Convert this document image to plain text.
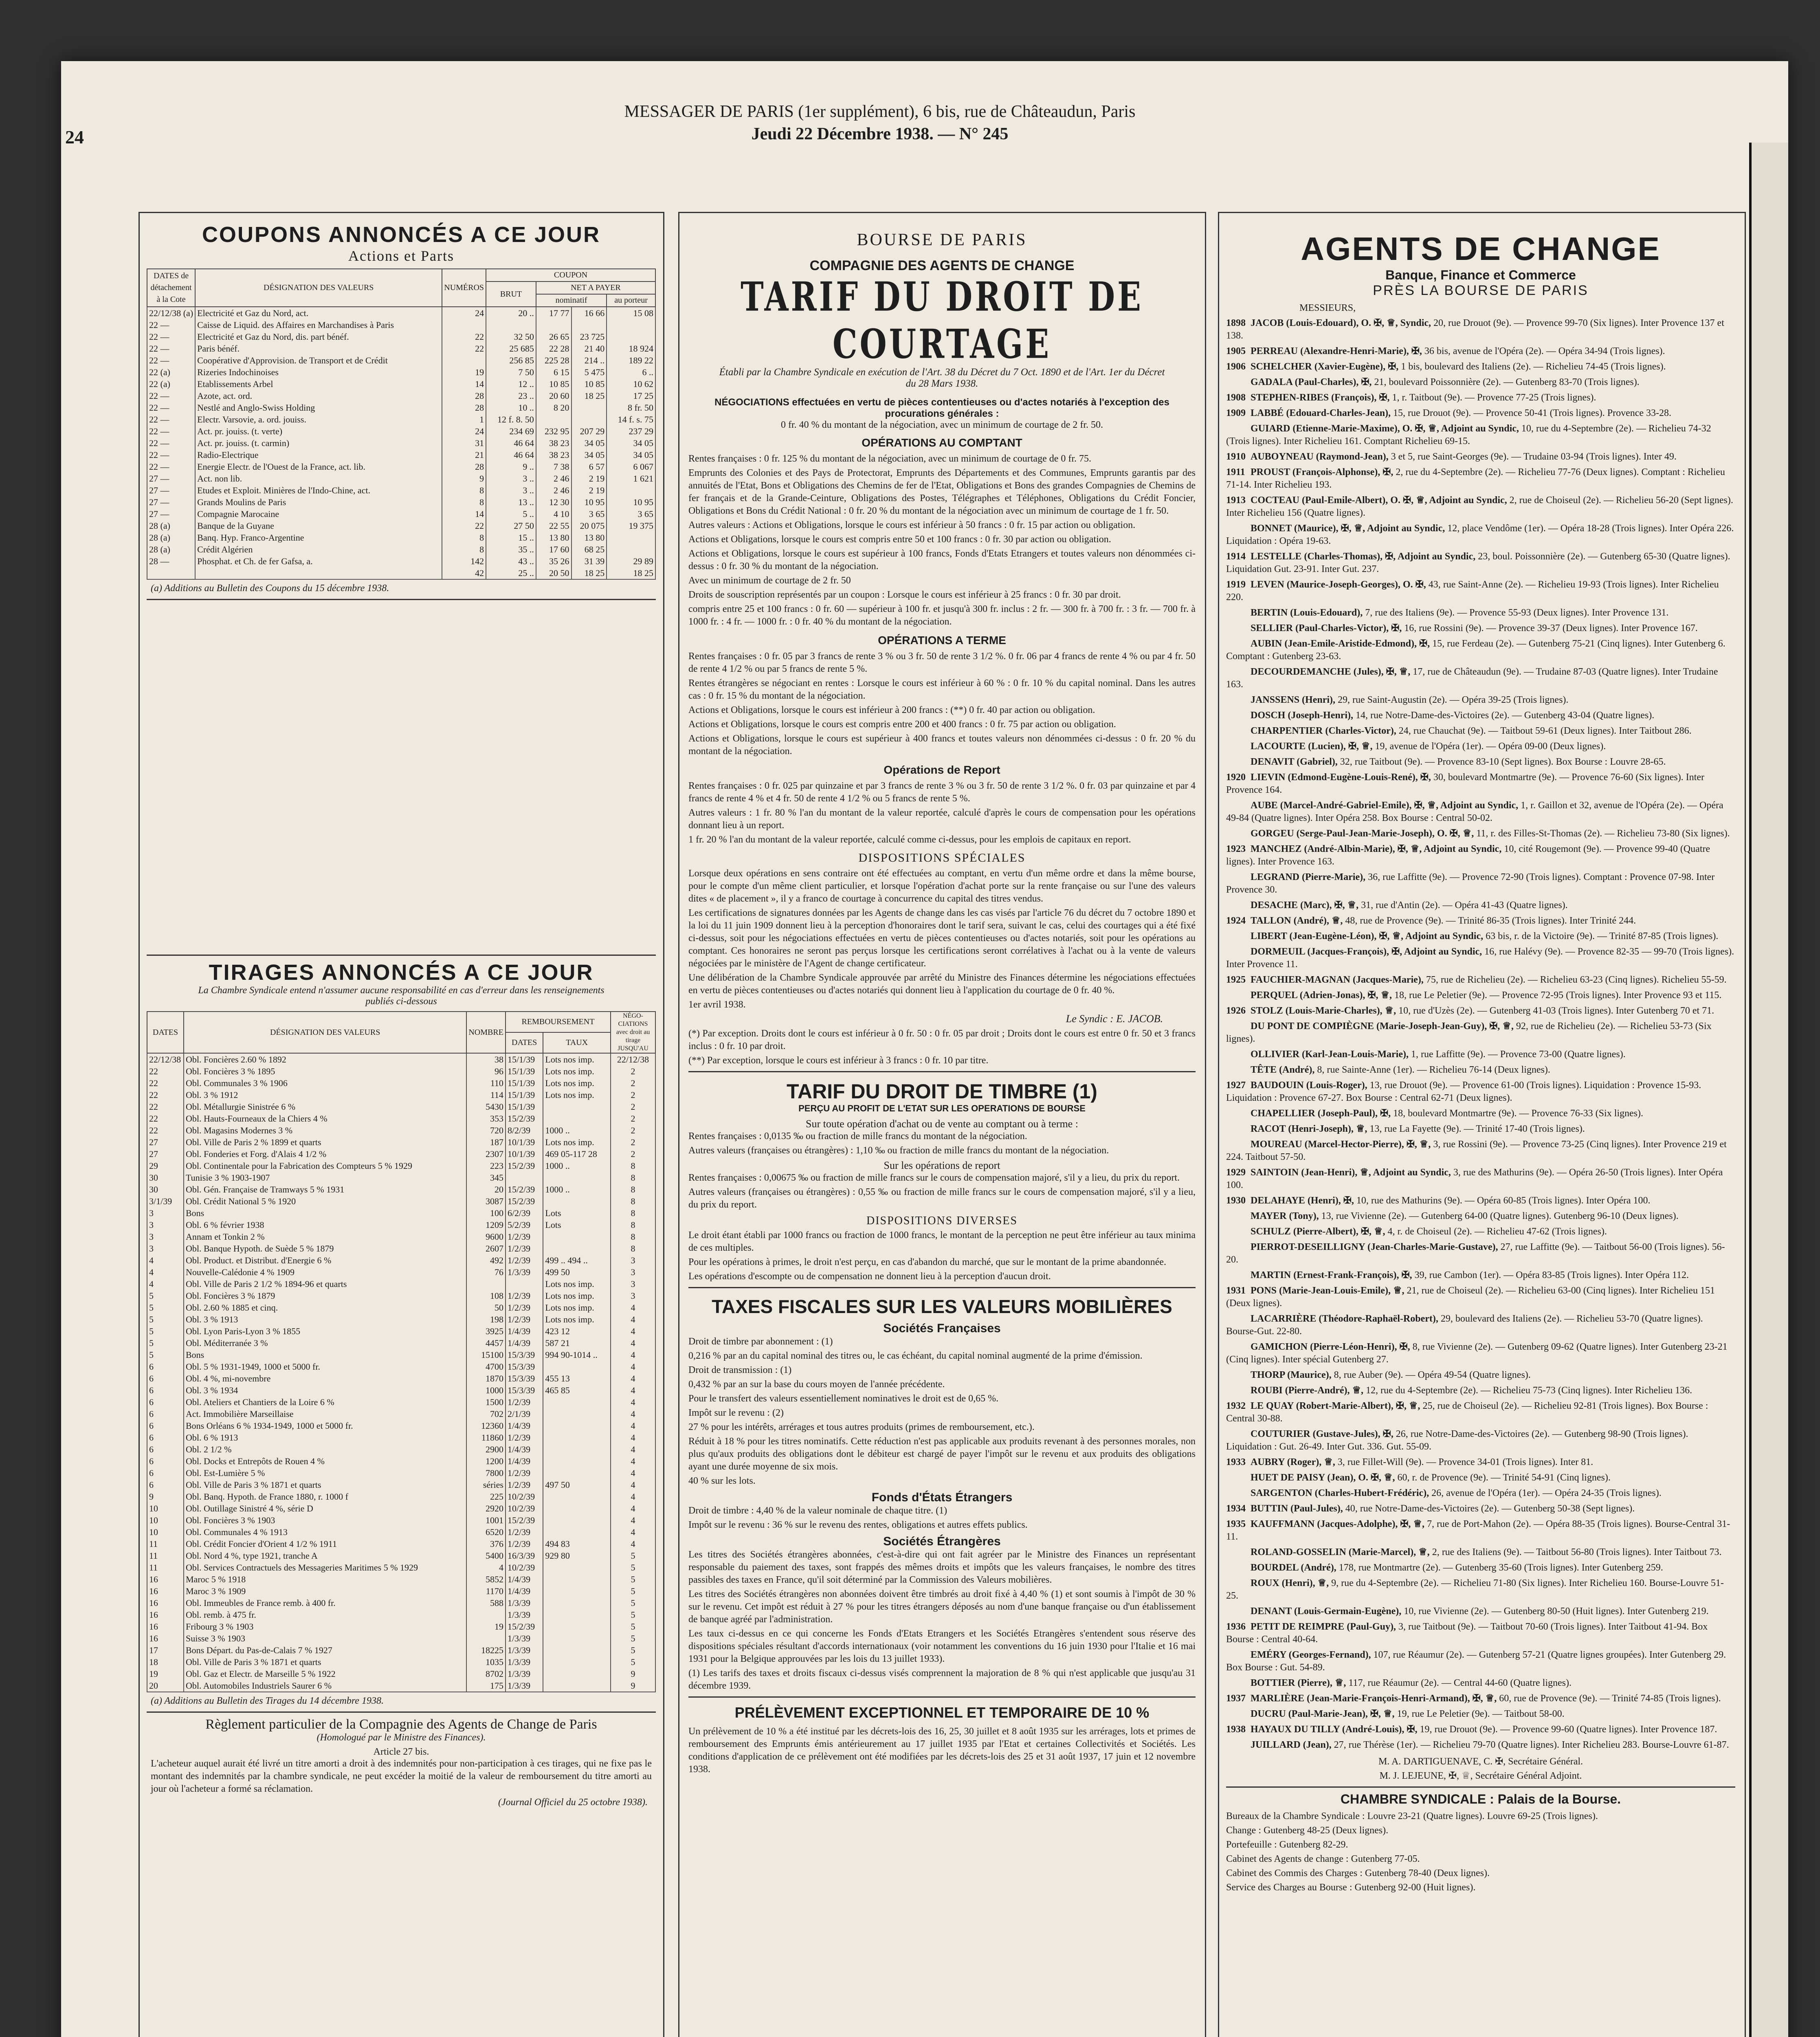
24
MESSAGER DE PARIS (1er supplément), 6 bis, rue de Châteaudun, Paris
Jeudi 22 Décembre 1938. — N° 245
COUPONS ANNONCÉS A CE JOUR
Actions et Parts
DATES de détachement à la Cote	DÉSIGNATION DES VALEURS	NUMÉROS	COUPON			
			BRUT	NET A PAYER		
				nominatif		au porteur
22/12/38 (a)	Electricité et Gaz du Nord, act.	24	20 ..	17 77	16 66	15 08
22 —	Caisse de Liquid. des Affaires en Marchandises à Paris					
22 —	Electricité et Gaz du Nord, dis. part bénéf.	22	32 50	26 65	23 725	
22 —	Paris bénéf.	22	25 685	22 28	21 40	18 924
22 —	Coopérative d'Approvision. de Transport et de Crédit		256 85	225 28	214 ..	189 22
22 (a)	Rizeries Indochinoises	19	7 50	6 15	5 475	6 ..
22 (a)	Etablissements Arbel	14	12 ..	10 85	10 85	10 62
22 —	Azote, act. ord.	28	23 ..	20 60	18 25	17 25
22 —	Nestlé and Anglo-Swiss Holding	28	10 ..	8 20		8 fr. 50
22 —	Electr. Varsovie, a. ord. jouiss.	1	12 f. 8. 50			14 f. s. 75
22 —	Act. pr. jouiss. (t. verte)	24	234 69	232 95	207 29	237 29
22 —	Act. pr. jouiss. (t. carmin)	31	46 64	38 23	34 05	34 05
22 —	Radio-Electrique	21	46 64	38 23	34 05	34 05
22 —	Energie Electr. de l'Ouest de la France, act. lib.	28	9 ..	7 38	6 57	6 067
27 —	Act. non lib.	9	3 ..	2 46	2 19	1 621
27 —	Etudes et Exploit. Minières de l'Indo-Chine, act.	8	3 ..	2 46	2 19	
27 —	Grands Moulins de Paris	8	13 ..	12 30	10 95	10 95
27 —	Compagnie Marocaine	14	5 ..	4 10	3 65	3 65
28 (a)	Banque de la Guyane	22	27 50	22 55	20 075	19 375
28 (a)	Banq. Hyp. Franco-Argentine	8	15 ..	13 80	13 80	
28 (a)	Crédit Algérien	8	35 ..	17 60	68 25	
28 —	Phosphat. et Ch. de fer Gafsa, a.	142	43 ..	35 26	31 39	29 89
		42	25 ..	20 50	18 25	18 25
(a) Additions au Bulletin des Coupons du 15 décembre 1938.
TIRAGES ANNONCÉS A CE JOUR
La Chambre Syndicale entend n'assumer aucune responsabilité en cas d'erreur dans les renseignements publiés ci-dessous
DATES	DÉSIGNATION DES VALEURS	NOMBRE	REMBOURSEMENT		NÉGO-CIATIONS avec droit au tirage JUSQU'AU
			DATES	TAUX	
22/12/38	Obl. Foncières 2.60 % 1892	38	15/1/39	Lots nos imp.	22/12/38
22	Obl. Foncières 3 % 1895	96	15/1/39	Lots nos imp.	2
22	Obl. Communales 3 % 1906	110	15/1/39	Lots nos imp.	2
22	Obl. 3 % 1912	114	15/1/39	Lots nos imp.	2
22	Obl. Métallurgie Sinistrée 6 %	5430	15/1/39		2
22	Obl. Hauts-Fourneaux de la Chiers 4 %	353	15/2/39		2
22	Obl. Magasins Modernes 3 %	720	8/2/39	1000 ..	2
27	Obl. Ville de Paris 2 % 1899 et quarts	187	10/1/39	Lots nos imp.	2
27	Obl. Fonderies et Forg. d'Alais 4 1/2 %	2307	10/1/39	469 05-117 28	2
29	Obl. Continentale pour la Fabrication des Compteurs 5 % 1929	223	15/2/39	1000 ..	8
30	Tunisie 3 % 1903-1907	345			8
30	Obl. Gén. Française de Tramways 5 % 1931	20	15/2/39	1000 ..	8
3/1/39	Obl. Crédit National 5 % 1920	3087	15/2/39		8
3	Bons	100	6/2/39	Lots	8
3	Obl. 6 % février 1938	1209	5/2/39	Lots	8
3	Annam et Tonkin 2 %	9600	1/2/39		8
3	Obl. Banque Hypoth. de Suède 5 % 1879	2607	1/2/39		8
4	Obl. Product. et Distribut. d'Energie 6 %	492	1/2/39	499 .. 494 ..	3
4	Nouvelle-Calédonie 4 % 1909	76	1/3/39	499 50	3
4	Obl. Ville de Paris 2 1/2 % 1894-96 et quarts			Lots nos imp.	3
5	Obl. Foncières 3 % 1879	108	1/2/39	Lots nos imp.	3
5	Obl. 2.60 % 1885 et cinq.	50	1/2/39	Lots nos imp.	4
5	Obl. 3 % 1913	198	1/2/39	Lots nos imp.	4
5	Obl. Lyon Paris-Lyon 3 % 1855	3925	1/4/39	423 12	4
5	Obl. Méditerranée 3 %	4457	1/4/39	587 21	4
5	Bons	15100	15/3/39	994 90-1014 ..	4
6	Obl. 5 % 1931-1949, 1000 et 5000 fr.	4700	15/3/39		4
6	Obl. 4 %, mi-novembre	1870	15/3/39	455 13	4
6	Obl. 3 % 1934	1000	15/3/39	465 85	4
6	Obl. Ateliers et Chantiers de la Loire 6 %	1500	1/2/39		4
6	Act. Immobilière Marseillaise	702	2/1/39		4
6	Bons Orléans 6 % 1934-1949, 1000 et 5000 fr.	12360	1/4/39		4
6	Obl. 6 % 1913	11860	1/2/39		4
6	Obl. 2 1/2 %	2900	1/4/39		4
6	Obl. Docks et Entrepôts de Rouen 4 %	1200	1/4/39		4
6	Obl. Est-Lumière 5 %	7800	1/2/39		4
6	Obl. Ville de Paris 3 % 1871 et quarts	séries	1/2/39	497 50	4
9	Obl. Banq. Hypoth. de France 1880, r. 1000 f	225	10/2/39		4
10	Obl. Outillage Sinistré 4 %, série D	2920	10/2/39		4
10	Obl. Foncières 3 % 1903	1001	15/2/39		4
10	Obl. Communales 4 % 1913	6520	1/2/39		4
11	Obl. Crédit Foncier d'Orient 4 1/2 % 1911	376	1/2/39	494 83	4
11	Obl. Nord 4 %, type 1921, tranche A	5400	16/3/39	929 80	5
11	Obl. Services Contractuels des Messageries Maritimes 5 % 1929	4	10/2/39		5
16	Maroc 5 % 1918	5852	1/4/39		5
16	Maroc 3 % 1909	1170	1/4/39		5
16	Obl. Immeubles de France remb. à 400 fr.	588	1/3/39		5
16	Obl. remb. à 475 fr.		1/3/39		5
16	Fribourg 3 % 1903	19	15/2/39		5
16	Suisse 3 % 1903		1/3/39		5
17	Bons Départ. du Pas-de-Calais 7 % 1927	18225	1/3/39		5
18	Obl. Ville de Paris 3 % 1871 et quarts	1035	1/3/39		5
19	Obl. Gaz et Electr. de Marseille 5 % 1922	8702	1/3/39		9
20	Obl. Automobiles Industriels Saurer 6 %	175	1/3/39		9
(a) Additions au Bulletin des Tirages du 14 décembre 1938.
Règlement particulier de la Compagnie des Agents de Change de Paris
(Homologué par le Ministre des Finances).
Article 27 bis.

L'acheteur auquel aurait été livré un titre amorti a droit à des indemnités pour non-participation à ces tirages, qui ne fixe pas le montant des indemnités par la chambre syndicale, ne peut excéder la moitié de la valeur de remboursement du titre amorti au jour où l'acheteur a formé sa réclamation.

(Journal Officiel du 25 octobre 1938).
BOURSE DE PARIS
COMPAGNIE DES AGENTS DE CHANGE
TARIF DU DROIT DE COURTAGE
Établi par la Chambre Syndicale en exécution de l'Art. 38 du Décret du 7 Oct. 1890 et de l'Art. 1er du Décret du 28 Mars 1938.
NÉGOCIATIONS effectuées en vertu de pièces contentieuses ou d'actes notariés à l'exception des procurations générales :
0 fr. 40 % du montant de la négociation, avec un minimum de courtage de 2 fr. 50.
OPÉRATIONS AU COMPTANT

Rentes françaises : 0 fr. 125 % du montant de la négociation, avec un minimum de courtage de 0 fr. 75.

Emprunts des Colonies et des Pays de Protectorat, Emprunts des Départements et des Communes, Emprunts garantis par des annuités de l'Etat, Bons et Obligations des Chemins de fer de l'Etat, Obligations et Bons des grandes Compagnies de Chemins de fer français et de la Grande-Ceinture, Obligations des Postes, Télégraphes et Téléphones, Obligations du Crédit Foncier, Obligations et Bons du Crédit National : 0 fr. 20 % du montant de la négociation avec un minimum de courtage de 1 fr. 50.

Autres valeurs : Actions et Obligations, lorsque le cours est inférieur à 50 francs : 0 fr. 15 par action ou obligation.

Actions et Obligations, lorsque le cours est compris entre 50 et 100 francs : 0 fr. 30 par action ou obligation.

Actions et Obligations, lorsque le cours est supérieur à 100 francs, Fonds d'Etats Etrangers et toutes valeurs non dénommées ci-dessus : 0 fr. 30 % du montant de la négociation.

Avec un minimum de courtage de 2 fr. 50

Droits de souscription représentés par un coupon : Lorsque le cours est inférieur à 25 francs : 0 fr. 30 par droit.

compris entre 25 et 100 francs : 0 fr. 60 — supérieur à 100 fr. et jusqu'à 300 fr. inclus : 2 fr. — 300 fr. à 700 fr. : 3 fr. — 700 fr. à 1000 fr. : 4 fr. — 1000 fr. : 0 fr. 40 % du montant de la négociation.

OPÉRATIONS A TERME

Rentes françaises : 0 fr. 05 par 3 francs de rente 3 % ou 3 fr. 50 de rente 3 1/2 %. 0 fr. 06 par 4 francs de rente 4 % ou par 4 fr. 50 de rente 4 1/2 % ou par 5 francs de rente 5 %.

Rentes étrangères se négociant en rentes : Lorsque le cours est inférieur à 60 % : 0 fr. 10 % du capital nominal. Dans les autres cas : 0 fr. 15 % du montant de la négociation.

Actions et Obligations, lorsque le cours est inférieur à 200 francs : (**) 0 fr. 40 par action ou obligation.

Actions et Obligations, lorsque le cours est compris entre 200 et 400 francs : 0 fr. 75 par action ou obligation.

Actions et Obligations, lorsque le cours est supérieur à 400 francs et toutes valeurs non dénommées ci-dessus : 0 fr. 20 % du montant de la négociation.

Opérations de Report

Rentes françaises : 0 fr. 025 par quinzaine et par 3 francs de rente 3 % ou 3 fr. 50 de rente 3 1/2 %. 0 fr. 03 par quinzaine et par 4 francs de rente 4 % et 4 fr. 50 de rente 4 1/2 % ou 5 francs de rente 5 %.

Autres valeurs : 1 fr. 80 % l'an du montant de la valeur reportée, calculé d'après le cours de compensation pour les opérations donnant lieu à un report.

1 fr. 20 % l'an du montant de la valeur reportée, calculé comme ci-dessus, pour les emplois de capitaux en report.

DISPOSITIONS SPÉCIALES

Lorsque deux opérations en sens contraire ont été effectuées au comptant, en vertu d'un même ordre et dans la même bourse, pour le compte d'un même client particulier, et lorsque l'opération d'achat porte sur la rente française ou sur l'une des valeurs dites « de placement », il y a franco de courtage à concurrence du capital des titres vendus.

Les certifications de signatures données par les Agents de change dans les cas visés par l'article 76 du décret du 7 octobre 1890 et la loi du 11 juin 1909 donnent lieu à la perception d'honoraires dont le tarif sera, suivant le cas, celui des courtages qui a été fixé ci-dessus, soit pour les négociations effectuées en vertu de pièces contentieuses ou d'actes notariés, soit pour les opérations au comptant. Ces honoraires ne seront pas perçus lorsque les certifications seront corrélatives à l'achat ou à la vente de valeurs négociées par le ministère de l'Agent de change certificateur.

Une délibération de la Chambre Syndicale approuvée par arrêté du Ministre des Finances détermine les négociations effectuées en vertu de pièces contentieuses ou d'actes notariés qui donnent lieu à l'application du courtage de 0 fr. 40 %.

1er avril 1938.

Le Syndic : E. JACOB.

(*) Par exception. Droits dont le cours est inférieur à 0 fr. 50 : 0 fr. 05 par droit ; Droits dont le cours est entre 0 fr. 50 et 3 francs inclus : 0 fr. 10 par droit.

(**) Par exception, lorsque le cours est inférieur à 3 francs : 0 fr. 10 par titre.

TARIF DU DROIT DE TIMBRE (1)
PERÇU AU PROFIT DE L'ETAT SUR LES OPERATIONS DE BOURSE
Sur toute opération d'achat ou de vente au comptant ou à terme :

Rentes françaises : 0,0135 ‰ ou fraction de mille francs du montant de la négociation.

Autres valeurs (françaises ou étrangères) : 1,10 ‰ ou fraction de mille francs du montant de la négociation.

Sur les opérations de report

Rentes françaises : 0,00675 ‰ ou fraction de mille francs sur le cours de compensation majoré, s'il y a lieu, du prix du report.

Autres valeurs (françaises ou étrangères) : 0,55 ‰ ou fraction de mille francs sur le cours de compensation majoré, s'il y a lieu, du prix du report.

DISPOSITIONS DIVERSES

Le droit étant établi par 1000 francs ou fraction de 1000 francs, le montant de la perception ne peut être inférieur au taux minima de ces multiples.

Pour les opérations à primes, le droit n'est perçu, en cas d'abandon du marché, que sur le montant de la prime abandonnée.

Les opérations d'escompte ou de compensation ne donnent lieu à la perception d'aucun droit.

TAXES FISCALES SUR LES VALEURS MOBILIÈRES
Sociétés Françaises

Droit de timbre par abonnement : (1)

0,216 % par an du capital nominal des titres ou, le cas échéant, du capital nominal augmenté de la prime d'émission.

Droit de transmission : (1)

0,432 % par an sur la base du cours moyen de l'année précédente.

Pour le transfert des valeurs essentiellement nominatives le droit est de 0,65 %.

Impôt sur le revenu : (2)

27 % pour les intérêts, arrérages et tous autres produits (primes de remboursement, etc.).

Réduit à 18 % pour les titres nominatifs. Cette réduction n'est pas applicable aux produits revenant à des personnes morales, non plus qu'aux produits des obligations dont le débiteur est chargé de payer l'impôt sur le revenu et aux produits des obligations ayant une durée moyenne de six mois.

40 % sur les lots.

Fonds d'États Étrangers

Droit de timbre : 4,40 % de la valeur nominale de chaque titre. (1)

Impôt sur le revenu : 36 % sur le revenu des rentes, obligations et autres effets publics.

Sociétés Étrangères

Les titres des Sociétés étrangères abonnées, c'est-à-dire qui ont fait agréer par le Ministre des Finances un représentant responsable du paiement des taxes, sont frappés des mêmes droits et impôts que les valeurs françaises, le nombre des titres passibles des taxes en France, qu'il soit déterminé par la Commission des Valeurs mobilières.

Les titres des Sociétés étrangères non abonnées doivent être timbrés au droit fixé à 4,40 % (1) et sont soumis à l'impôt de 30 % sur le revenu. Cet impôt est réduit à 27 % pour les titres étrangers déposés au nom d'une banque française ou d'un établissement de banque agréé par l'administration.

Les taux ci-dessus en ce qui concerne les Fonds d'Etats Etrangers et les Sociétés Etrangères s'entendent sous réserve des dispositions spéciales résultant d'accords internationaux (voir notamment les conventions du 16 juin 1930 pour l'Italie et 16 mai 1931 pour la Belgique approuvées par les lois du 13 juillet 1933).

(1) Les tarifs des taxes et droits fiscaux ci-dessus visés comprennent la majoration de 8 % qui n'est applicable que jusqu'au 31 décembre 1939.

PRÉLÈVEMENT EXCEPTIONNEL ET TEMPORAIRE DE 10 %

Un prélèvement de 10 % a été institué par les décrets-lois des 16, 25, 30 juillet et 8 août 1935 sur les arrérages, lots et primes de remboursement des Emprunts émis antérieurement au 17 juillet 1935 par l'Etat et certaines Collectivités et Sociétés. Les conditions d'application de ce prélèvement ont été modifiées par les décrets-lois des 25 et 31 août 1937, 17 juin et 12 novembre 1938.

AGENTS DE CHANGE
Banque, Finance et Commerce
PRÈS LA BOURSE DE PARIS
MESSIEURS,

1898 JACOB (Louis-Edouard), O. ✠, ♕, Syndic, 20, rue Drouot (9e). — Provence 99-70 (Six lignes). Inter Provence 137 et 138.

1905 PERREAU (Alexandre-Henri-Marie), ✠, 36 bis, avenue de l'Opéra (2e). — Opéra 34-94 (Trois lignes).

1906 SCHELCHER (Xavier-Eugène), ✠, 1 bis, boulevard des Italiens (2e). — Richelieu 74-45 (Trois lignes).

GADALA (Paul-Charles), ✠, 21, boulevard Poissonnière (2e). — Gutenberg 83-70 (Trois lignes).

1908 STEPHEN-RIBES (François), ✠, 1, r. Taitbout (9e). — Provence 77-25 (Trois lignes).

1909 LABBÉ (Edouard-Charles-Jean), 15, rue Drouot (9e). — Provence 50-41 (Trois lignes). Provence 33-28.

GUIARD (Etienne-Marie-Maxime), O. ✠, ♕, Adjoint au Syndic, 10, rue du 4-Septembre (2e). — Richelieu 74-32 (Trois lignes). Inter Richelieu 161. Comptant Richelieu 69-15.

1910 AUBOYNEAU (Raymond-Jean), 3 et 5, rue Saint-Georges (9e). — Trudaine 03-94 (Trois lignes). Inter 49.

1911 PROUST (François-Alphonse), ✠, 2, rue du 4-Septembre (2e). — Richelieu 77-76 (Deux lignes). Comptant : Richelieu 71-14. Inter Richelieu 193.

1913 COCTEAU (Paul-Emile-Albert), O. ✠, ♕, Adjoint au Syndic, 2, rue de Choiseul (2e). — Richelieu 56-20 (Sept lignes). Inter Richelieu 156 (Quatre lignes).

BONNET (Maurice), ✠, ♕, Adjoint au Syndic, 12, place Vendôme (1er). — Opéra 18-28 (Trois lignes). Inter Opéra 226. Liquidation : Opéra 19-63.

1914 LESTELLE (Charles-Thomas), ✠, Adjoint au Syndic, 23, boul. Poissonnière (2e). — Gutenberg 65-30 (Quatre lignes). Liquidation Gut. 23-91. Inter Gut. 237.

1919 LEVEN (Maurice-Joseph-Georges), O. ✠, 43, rue Saint-Anne (2e). — Richelieu 19-93 (Trois lignes). Inter Richelieu 220.

BERTIN (Louis-Edouard), 7, rue des Italiens (9e). — Provence 55-93 (Deux lignes). Inter Provence 131.

SELLIER (Paul-Charles-Victor), ✠, 16, rue Rossini (9e). — Provence 39-37 (Deux lignes). Inter Provence 167.

AUBIN (Jean-Emile-Aristide-Edmond), ✠, 15, rue Ferdeau (2e). — Gutenberg 75-21 (Cinq lignes). Inter Gutenberg 6. Comptant : Gutenberg 23-63.

DECOURDEMANCHE (Jules), ✠, ♕, 17, rue de Châteaudun (9e). — Trudaine 87-03 (Quatre lignes). Inter Trudaine 163.

JANSSENS (Henri), 29, rue Saint-Augustin (2e). — Opéra 39-25 (Trois lignes).

DOSCH (Joseph-Henri), 14, rue Notre-Dame-des-Victoires (2e). — Gutenberg 43-04 (Quatre lignes).

CHARPENTIER (Charles-Victor), 24, rue Chauchat (9e). — Taitbout 59-61 (Deux lignes). Inter Taitbout 286.

LACOURTE (Lucien), ✠, ♕, 19, avenue de l'Opéra (1er). — Opéra 09-00 (Deux lignes).

DENAVIT (Gabriel), 32, rue Taitbout (9e). — Provence 83-10 (Sept lignes). Box Bourse : Louvre 28-65.

1920 LIEVIN (Edmond-Eugène-Louis-René), ✠, 30, boulevard Montmartre (9e). — Provence 76-60 (Six lignes). Inter Provence 164.

AUBE (Marcel-André-Gabriel-Emile), ✠, ♕, Adjoint au Syndic, 1, r. Gaillon et 32, avenue de l'Opéra (2e). — Opéra 49-84 (Quatre lignes). Inter Opéra 258. Box Bourse : Central 50-02.

GORGEU (Serge-Paul-Jean-Marie-Joseph), O. ✠, ♕, 11, r. des Filles-St-Thomas (2e). — Richelieu 73-80 (Six lignes).

1923 MANCHEZ (André-Albin-Marie), ✠, ♕, Adjoint au Syndic, 10, cité Rougemont (9e). — Provence 99-40 (Quatre lignes). Inter Provence 163.

LEGRAND (Pierre-Marie), 36, rue Laffitte (9e). — Provence 72-90 (Trois lignes). Comptant : Provence 07-98. Inter Provence 30.

DESACHE (Marc), ✠, ♕, 31, rue d'Antin (2e). — Opéra 41-43 (Quatre lignes).

1924 TALLON (André), ♕, 48, rue de Provence (9e). — Trinité 86-35 (Trois lignes). Inter Trinité 244.

LIBERT (Jean-Eugène-Léon), ✠, ♕, Adjoint au Syndic, 63 bis, r. de la Victoire (9e). — Trinité 87-85 (Trois lignes).

DORMEUIL (Jacques-François), ✠, Adjoint au Syndic, 16, rue Halévy (9e). — Provence 82-35 — 99-70 (Trois lignes). Inter Provence 11.

1925 FAUCHIER-MAGNAN (Jacques-Marie), 75, rue de Richelieu (2e). — Richelieu 63-23 (Cinq lignes). Richelieu 55-59.

PERQUEL (Adrien-Jonas), ✠, ♕, 18, rue Le Peletier (9e). — Provence 72-95 (Trois lignes). Inter Provence 93 et 115.

1926 STOLZ (Louis-Marie-Charles), ♕, 10, rue d'Uzès (2e). — Gutenberg 41-03 (Trois lignes). Inter Gutenberg 70 et 71.

DU PONT DE COMPIÈGNE (Marie-Joseph-Jean-Guy), ✠, ♕, 92, rue de Richelieu (2e). — Richelieu 53-73 (Six lignes).

OLLIVIER (Karl-Jean-Louis-Marie), 1, rue Laffitte (9e). — Provence 73-00 (Quatre lignes).

TÊTE (André), 8, rue Sainte-Anne (1er). — Richelieu 76-14 (Deux lignes).

1927 BAUDOUIN (Louis-Roger), 13, rue Drouot (9e). — Provence 61-00 (Trois lignes). Liquidation : Provence 15-93. Liquidation : Provence 67-27. Box Bourse : Central 62-71 (Deux lignes).

CHAPELLIER (Joseph-Paul), ✠, 18, boulevard Montmartre (9e). — Provence 76-33 (Six lignes).

RACOT (Henri-Joseph), ♕, 13, rue La Fayette (9e). — Trinité 17-40 (Trois lignes).

MOUREAU (Marcel-Hector-Pierre), ✠, ♕, 3, rue Rossini (9e). — Provence 73-25 (Cinq lignes). Inter Provence 219 et 224. Taitbout 57-50.

1929 SAINTOIN (Jean-Henri), ♕, Adjoint au Syndic, 3, rue des Mathurins (9e). — Opéra 26-50 (Trois lignes). Inter Opéra 100.

1930 DELAHAYE (Henri), ✠, 10, rue des Mathurins (9e). — Opéra 60-85 (Trois lignes). Inter Opéra 100.

MAYER (Tony), 13, rue Vivienne (2e). — Gutenberg 64-00 (Quatre lignes). Gutenberg 96-10 (Deux lignes).

SCHULZ (Pierre-Albert), ✠, ♕, 4, r. de Choiseul (2e). — Richelieu 47-62 (Trois lignes).

PIERROT-DESEILLIGNY (Jean-Charles-Marie-Gustave), 27, rue Laffitte (9e). — Taitbout 56-00 (Trois lignes). 56-20.

MARTIN (Ernest-Frank-François), ✠, 39, rue Cambon (1er). — Opéra 83-85 (Trois lignes). Inter Opéra 112.

1931 PONS (Marie-Jean-Louis-Emile), ♕, 21, rue de Choiseul (2e). — Richelieu 63-00 (Cinq lignes). Inter Richelieu 151 (Deux lignes).

LACARRIÈRE (Théodore-Raphaël-Robert), 29, boulevard des Italiens (2e). — Richelieu 53-70 (Quatre lignes). Bourse-Gut. 22-80.

GAMICHON (Pierre-Léon-Henri), ✠, 8, rue Vivienne (2e). — Gutenberg 09-62 (Quatre lignes). Inter Gutenberg 23-21 (Cinq lignes). Inter spécial Gutenberg 27.

THORP (Maurice), 8, rue Auber (9e). — Opéra 49-54 (Quatre lignes).

ROUBI (Pierre-André), ♕, 12, rue du 4-Septembre (2e). — Richelieu 75-73 (Cinq lignes). Inter Richelieu 136.

1932 LE QUAY (Robert-Marie-Albert), ✠, ♕, 25, rue de Choiseul (2e). — Richelieu 92-81 (Trois lignes). Box Bourse : Central 30-88.

COUTURIER (Gustave-Jules), ✠, 26, rue Notre-Dame-des-Victoires (2e). — Gutenberg 98-90 (Trois lignes). Liquidation : Gut. 26-49. Inter Gut. 336. Gut. 55-09.

1933 AUBRY (Roger), ♕, 3, rue Fillet-Will (9e). — Provence 34-01 (Trois lignes). Inter 81.

HUET DE PAISY (Jean), O. ✠, ♕, 60, r. de Provence (9e). — Trinité 54-91 (Cinq lignes).

SARGENTON (Charles-Hubert-Frédéric), 26, avenue de l'Opéra (1er). — Opéra 24-35 (Trois lignes).

1934 BUTTIN (Paul-Jules), 40, rue Notre-Dame-des-Victoires (2e). — Gutenberg 50-38 (Sept lignes).

1935 KAUFFMANN (Jacques-Adolphe), ✠, ♕, 7, rue de Port-Mahon (2e). — Opéra 88-35 (Trois lignes). Bourse-Central 31-11.

ROLAND-GOSSELIN (Marie-Marcel), ♕, 2, rue des Italiens (9e). — Taitbout 56-80 (Trois lignes). Inter Taitbout 73.

BOURDEL (André), 178, rue Montmartre (2e). — Gutenberg 35-60 (Trois lignes). Inter Gutenberg 259.

ROUX (Henri), ♕, 9, rue du 4-Septembre (2e). — Richelieu 71-80 (Six lignes). Inter Richelieu 160. Bourse-Louvre 51-25.

DENANT (Louis-Germain-Eugène), 10, rue Vivienne (2e). — Gutenberg 80-50 (Huit lignes). Inter Gutenberg 219.

1936 PETIT DE REIMPRE (Paul-Guy), 3, rue Taitbout (9e). — Taitbout 70-60 (Trois lignes). Inter Taitbout 41-94. Box Bourse : Central 40-64.

EMÉRY (Georges-Fernand), 107, rue Réaumur (2e). — Gutenberg 57-21 (Quatre lignes groupées). Inter Gutenberg 29. Box Bourse : Gut. 54-89.

BOTTIER (Pierre), ♕, 117, rue Réaumur (2e). — Central 44-60 (Quatre lignes).

1937 MARLIÈRE (Jean-Marie-François-Henri-Armand), ✠, ♕, 60, rue de Provence (9e). — Trinité 74-85 (Trois lignes).

DUCRU (Paul-Marie-Jean), ✠, ♕, 19, rue Le Peletier (9e). — Taitbout 58-00.

1938 HAYAUX DU TILLY (André-Louis), ✠, 19, rue Drouot (9e). — Provence 99-60 (Quatre lignes). Inter Provence 187.

JUILLARD (Jean), 27, rue Thérèse (1er). — Richelieu 79-70 (Quatre lignes). Inter Richelieu 283. Bourse-Louvre 61-87.

M. A. DARTIGUENAVE, C. ✠, Secrétaire Général.

M. J. LEJEUNE, ✠, ♕, Secrétaire Général Adjoint.

CHAMBRE SYNDICALE : Palais de la Bourse.

Bureaux de la Chambre Syndicale : Louvre 23-21 (Quatre lignes). Louvre 69-25 (Trois lignes).

Change : Gutenberg 48-25 (Deux lignes).

Portefeuille : Gutenberg 82-29.

Cabinet des Agents de change : Gutenberg 77-05.

Cabinet des Commis des Charges : Gutenberg 78-40 (Deux lignes).

Service des Charges au Bourse : Gutenberg 92-00 (Huit lignes).
